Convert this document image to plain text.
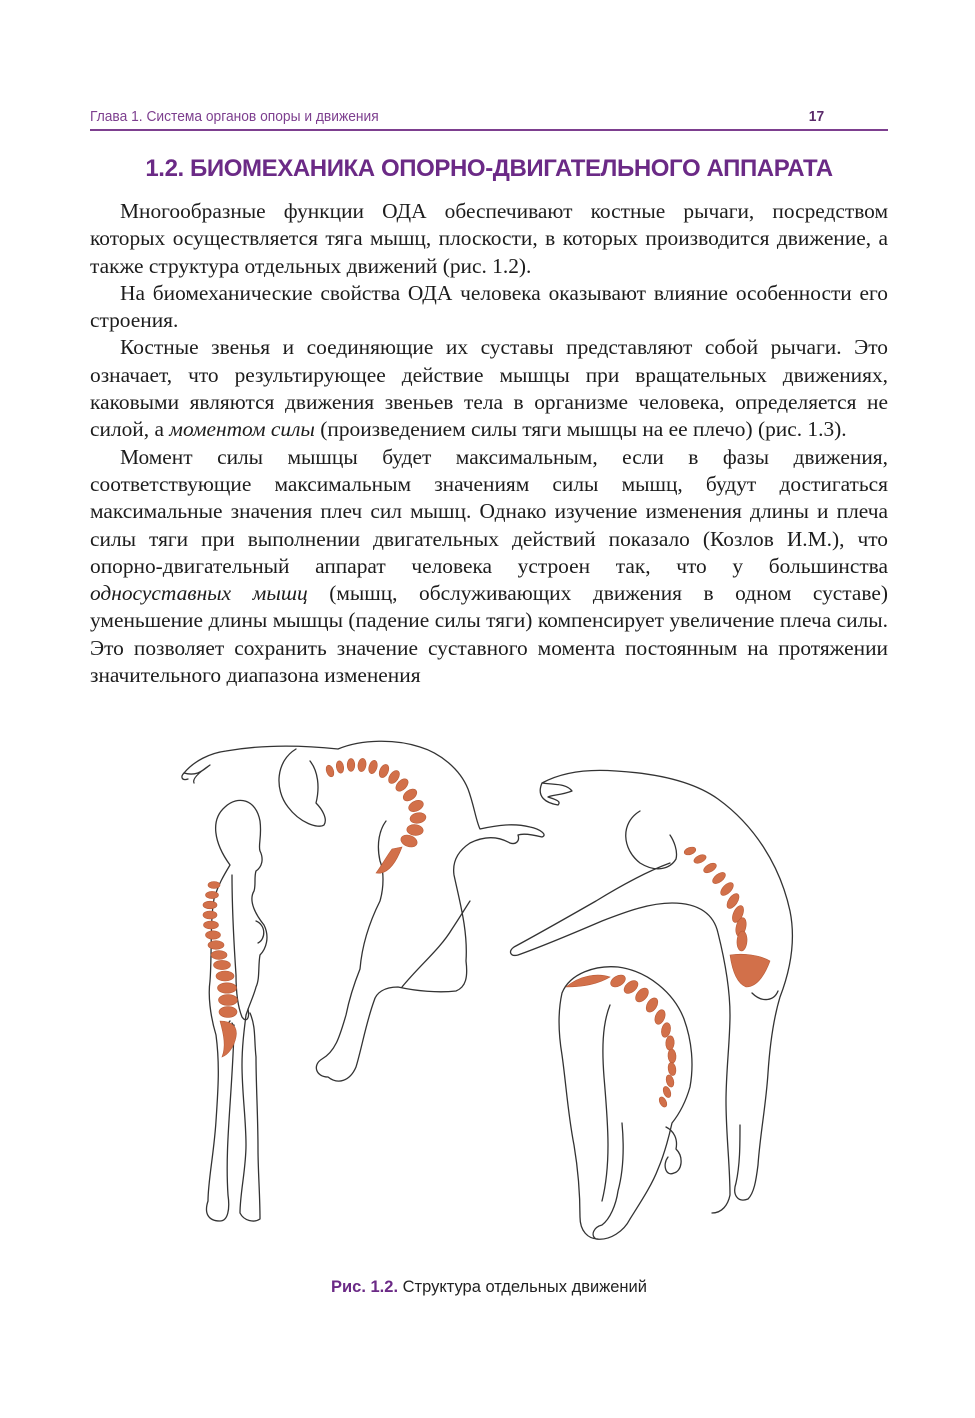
Глава 1. Система органов опоры и движения	17
1.2. БИОМЕХАНИКА ОПОРНО-ДВИГАТЕЛЬНОГО АППАРАТА

Многообразные функции ОДА обеспечивают костные рычаги, посредством которых осуществляется тяга мышц, плоскости, в которых производится движение, а также структура отдельных движений (рис. 1.2).

На биомеханические свойства ОДА человека оказывают влияние особенности его строения.

Костные звенья и соединяющие их суставы представляют собой рычаги. Это означает, что результирующее действие мышцы при вращательных движениях, каковыми являются движения звеньев тела в организме человека, определяется не силой, а моментом силы (произведением силы тяги мышцы на ее плечо) (рис. 1.3).

Момент силы мышцы будет максимальным, если в фазы движения, соответствующие максимальным значениям силы мышц, будут достигаться максимальные значения плеч сил мышц. Однако изучение изменения длины и плеча силы тяги при выполнении двигательных действий показало (Козлов И.М.), что опорно-двигательный аппарат человека устроен так, что у большинства односуставных мышц (мышц, обслуживающих движения в одном суставе) уменьшение длины мышцы (падение силы тяги) компенсирует увеличение плеча силы. Это позволяет сохранить значение суставного момента постоянным на протяжении значительного диапазона изменения

Рис. 1.2. Структура отдельных движений
